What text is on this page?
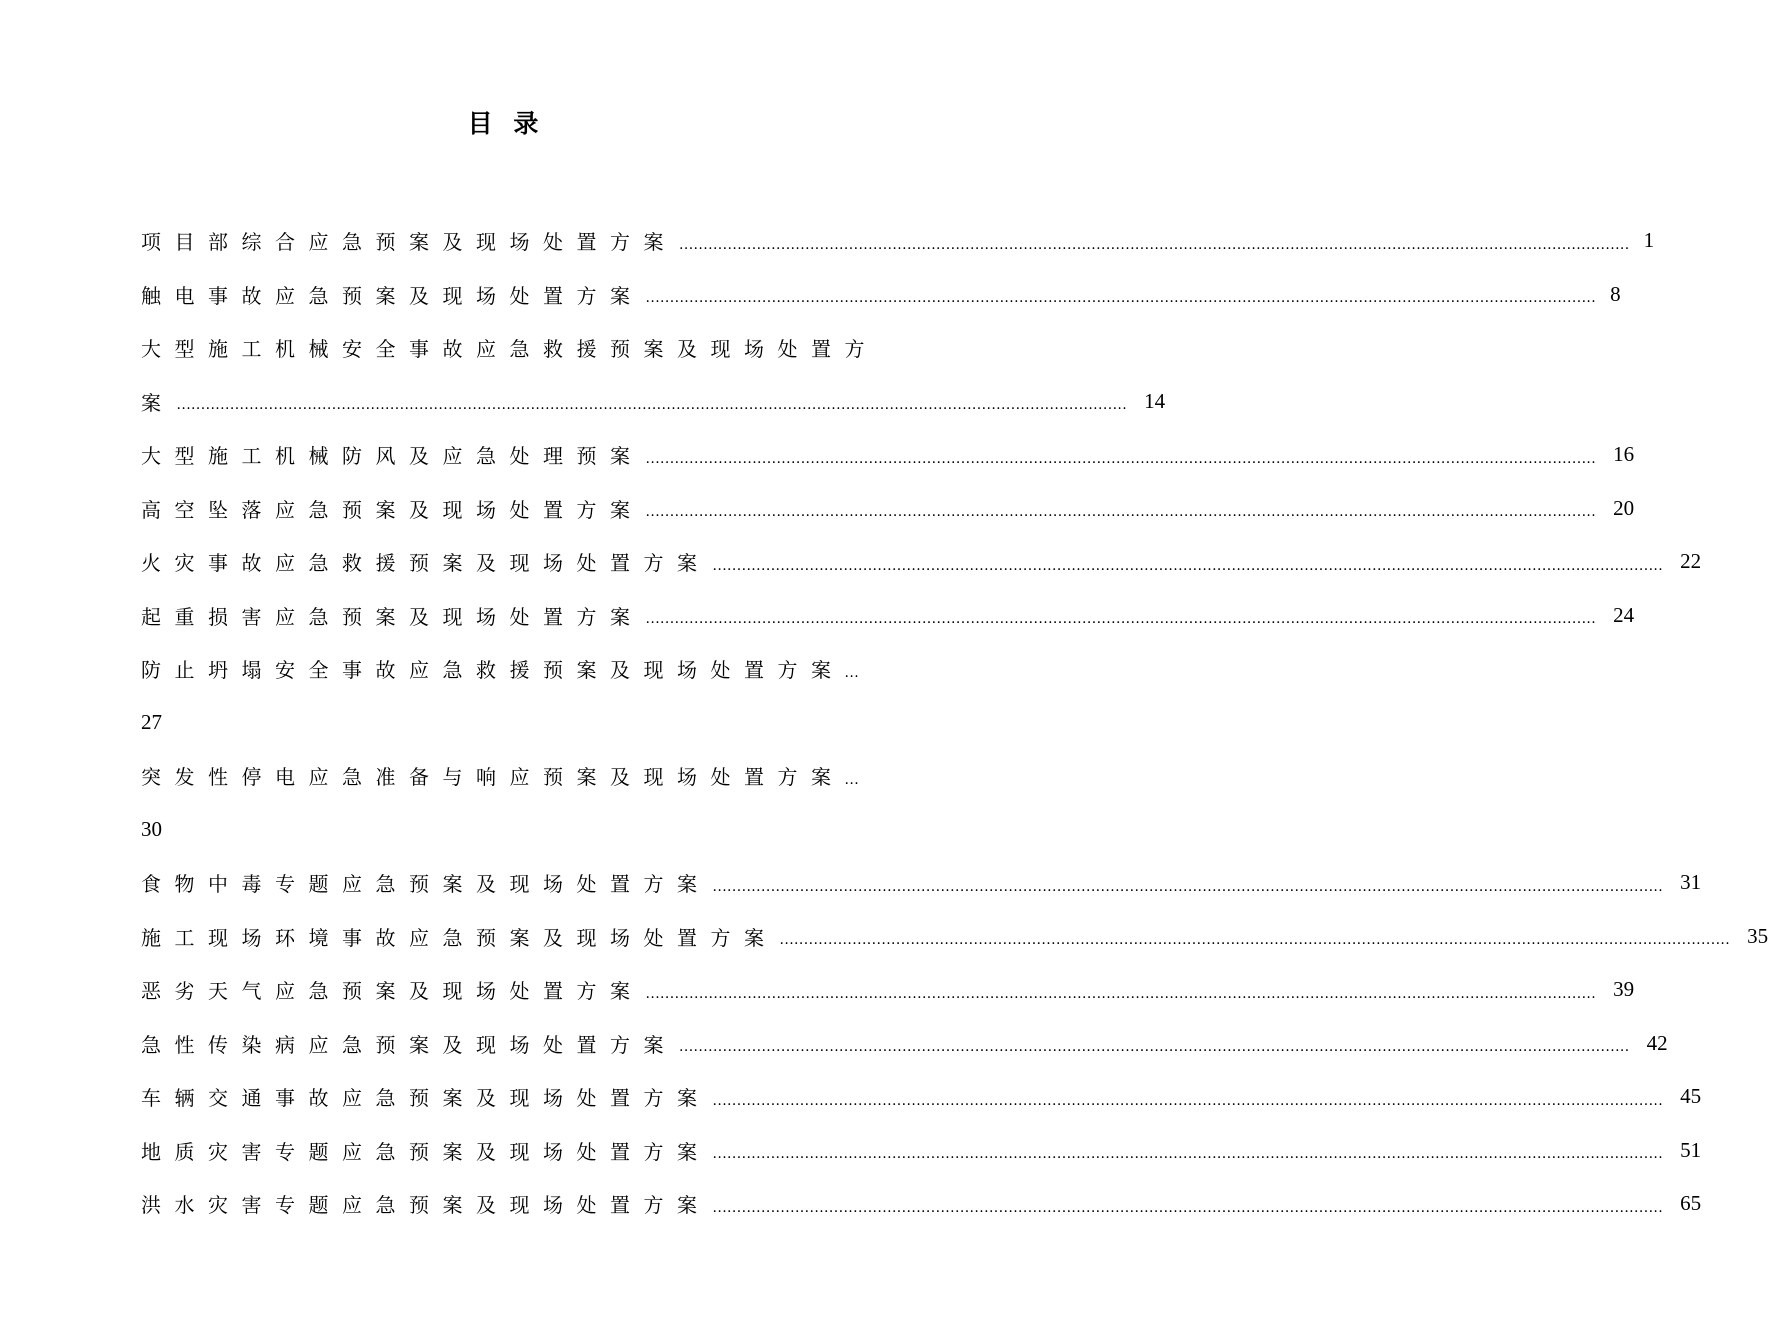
目 录
项目部综合应急预案及现场处置方案 .................................................................................................................................................................................................... 1
触电事故应急预案及现场处置方案 .................................................................................................................................................................................................... 8
大型施工机械安全事故应急救援预案及现场处置方
案 .................................................................................................................................................................................................... 14
大型施工机械防风及应急处理预案 .................................................................................................................................................................................................... 16
高空坠落应急预案及现场处置方案 .................................................................................................................................................................................................... 20
火灾事故应急救援预案及现场处置方案 .................................................................................................................................................................................................... 22
起重损害应急预案及现场处置方案 .................................................................................................................................................................................................... 24
防止坍塌安全事故应急救援预案及现场处置方案 ...
27
突发性停电应急准备与响应预案及现场处置方案 ...
30
食物中毒专题应急预案及现场处置方案 .................................................................................................................................................................................................... 31
施工现场环境事故应急预案及现场处置方案 .................................................................................................................................................................................................... 35
恶劣天气应急预案及现场处置方案 .................................................................................................................................................................................................... 39
急性传染病应急预案及现场处置方案 .................................................................................................................................................................................................... 42
车辆交通事故应急预案及现场处置方案 .................................................................................................................................................................................................... 45
地质灾害专题应急预案及现场处置方案 .................................................................................................................................................................................................... 51
洪水灾害专题应急预案及现场处置方案 .................................................................................................................................................................................................... 65
